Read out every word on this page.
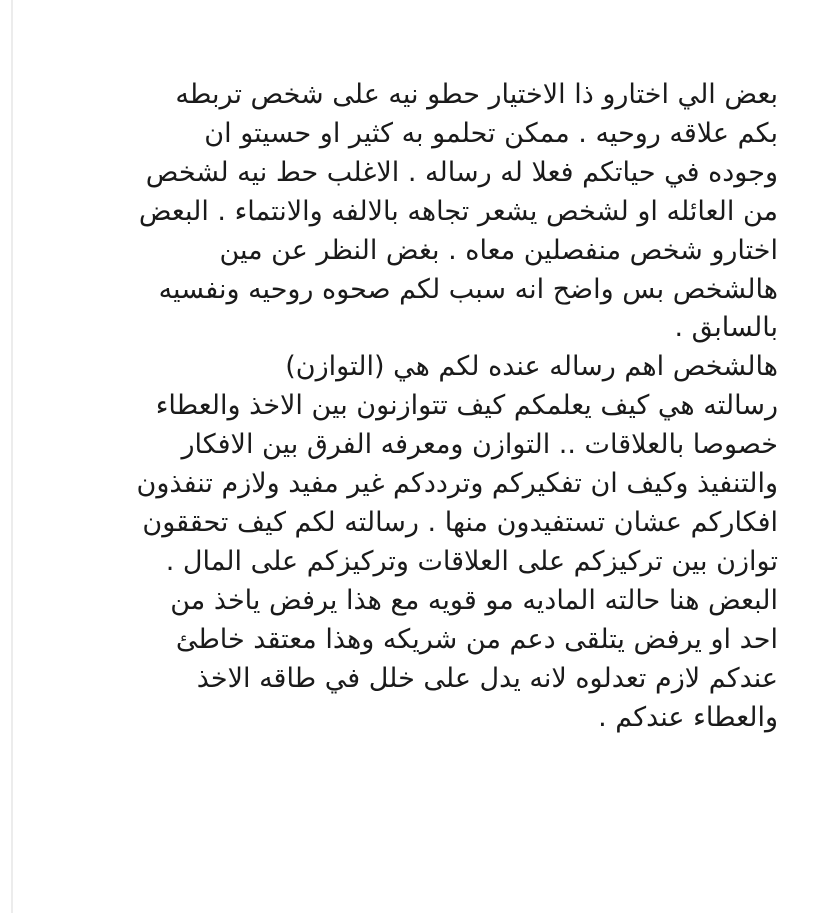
بعض الي اختارو ذا الاختيار حطو نيه على شخص تربطه
بكم علاقه روحيه . ممكن تحلمو به كثير او حسيتو ان
وجوده في حياتكم فعلا له رساله . الاغلب حط نيه لشخص
من العائله او لشخص يشعر تجاهه بالالفه والانتماء . البعض
اختارو شخص منفصلين معاه . بغض النظر عن مين
هالشخص بس واضح انه سبب لكم صحوه روحيه ونفسيه
بالسابق .
هالشخص اهم رساله عنده لكم هي (التوازن)
رسالته هي كيف يعلمكم كيف تتوازنون بين الاخذ والعطاء
خصوصا بالعلاقات .. التوازن ومعرفه الفرق بين الافكار
والتنفيذ وكيف ان تفكيركم وترددكم غير مفيد ولازم تنفذون
افكاركم عشان تستفيدون منها . رسالته لكم كيف تحققون
توازن بين تركيزكم على العلاقات وتركيزكم على المال .
البعض هنا حالته الماديه مو قويه مع هذا يرفض ياخذ من
احد او يرفض يتلقى دعم من شريكه وهذا معتقد خاطئ
عندكم لازم تعدلوه لانه يدل على خلل في طاقه الاخذ
والعطاء عندكم .
